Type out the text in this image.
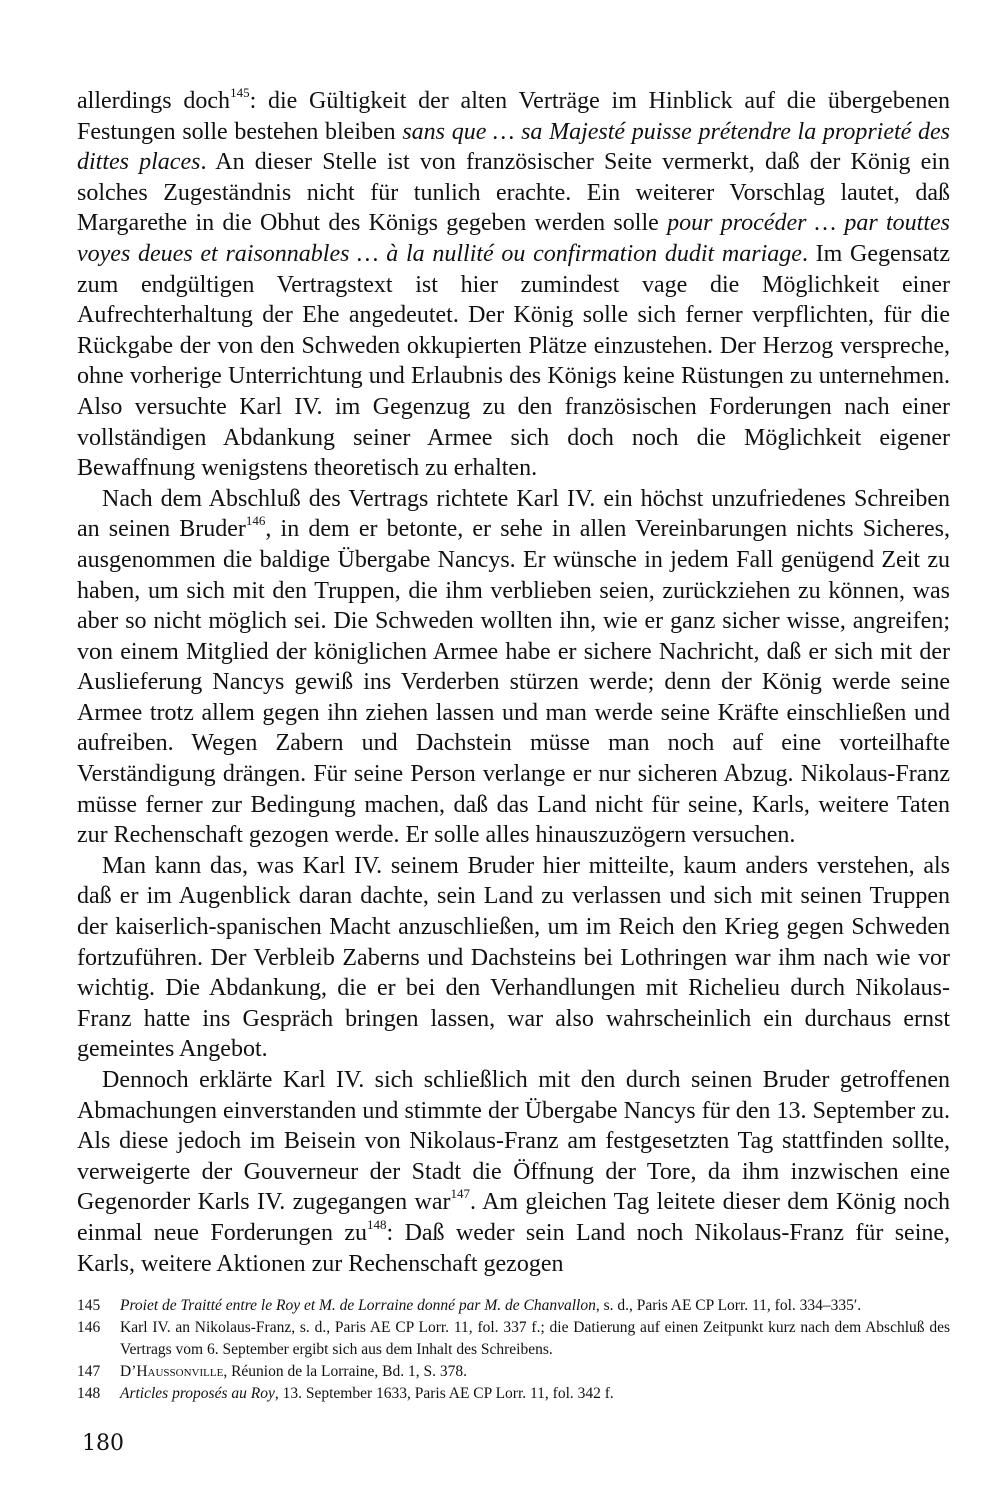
allerdings doch$^{145}$: die Gültigkeit der alten Verträge im Hinblick auf die übergebenen Festungen solle bestehen bleiben sans que … sa Majesté puisse prétendre la proprieté des dittes places. An dieser Stelle ist von französischer Seite vermerkt, daß der König ein solches Zugeständnis nicht für tunlich erachte. Ein weiterer Vorschlag lautet, daß Margarethe in die Obhut des Königs gegeben werden solle pour procéder … par touttes voyes deues et raisonnables … à la nullité ou confirmation dudit mariage. Im Gegensatz zum endgültigen Vertragstext ist hier zumindest vage die Möglichkeit einer Aufrechterhaltung der Ehe angedeutet. Der König solle sich ferner verpflichten, für die Rückgabe der von den Schweden okkupierten Plätze einzustehen. Der Herzog verspreche, ohne vorherige Unterrichtung und Erlaubnis des Königs keine Rüstungen zu unternehmen. Also versuchte Karl IV. im Gegenzug zu den französischen Forderungen nach einer vollständigen Abdankung seiner Armee sich doch noch die Möglichkeit eigener Bewaffnung wenigstens theoretisch zu erhalten.

Nach dem Abschluß des Vertrags richtete Karl IV. ein höchst unzufriedenes Schreiben an seinen Bruder$^{146}$, in dem er betonte, er sehe in allen Vereinbarungen nichts Sicheres, ausgenommen die baldige Übergabe Nancys. Er wünsche in jedem Fall genügend Zeit zu haben, um sich mit den Truppen, die ihm verblieben seien, zurückziehen zu können, was aber so nicht möglich sei. Die Schweden wollten ihn, wie er ganz sicher wisse, angreifen; von einem Mitglied der königlichen Armee habe er sichere Nachricht, daß er sich mit der Auslieferung Nancys gewiß ins Verderben stürzen werde; denn der König werde seine Armee trotz allem gegen ihn ziehen lassen und man werde seine Kräfte einschließen und aufreiben. Wegen Zabern und Dachstein müsse man noch auf eine vorteilhafte Verständigung drängen. Für seine Person verlange er nur sicheren Abzug. Nikolaus-Franz müsse ferner zur Bedingung machen, daß das Land nicht für seine, Karls, weitere Taten zur Rechenschaft gezogen werde. Er solle alles hinauszuzögern versuchen.

Man kann das, was Karl IV. seinem Bruder hier mitteilte, kaum anders verstehen, als daß er im Augenblick daran dachte, sein Land zu verlassen und sich mit seinen Truppen der kaiserlich-spanischen Macht anzuschließen, um im Reich den Krieg gegen Schweden fortzuführen. Der Verbleib Zaberns und Dachsteins bei Lothringen war ihm nach wie vor wichtig. Die Abdankung, die er bei den Verhandlungen mit Richelieu durch Nikolaus-Franz hatte ins Gespräch bringen lassen, war also wahrscheinlich ein durchaus ernst gemeintes Angebot.

Dennoch erklärte Karl IV. sich schließlich mit den durch seinen Bruder getroffenen Abmachungen einverstanden und stimmte der Übergabe Nancys für den 13. September zu. Als diese jedoch im Beisein von Nikolaus-Franz am festgesetzten Tag stattfinden sollte, verweigerte der Gouverneur der Stadt die Öffnung der Tore, da ihm inzwischen eine Gegenorder Karls IV. zugegangen war$^{147}$. Am gleichen Tag leitete dieser dem König noch einmal neue Forderungen zu$^{148}$: Daß weder sein Land noch Nikolaus-Franz für seine, Karls, weitere Aktionen zur Rechenschaft gezogen

145	Proiet de Traitté entre le Roy et M. de Lorraine donné par M. de Chanvallon, s. d., Paris AE CP Lorr. 11, fol. 334–335′.
146	Karl IV. an Nikolaus-Franz, s. d., Paris AE CP Lorr. 11, fol. 337 f.; die Datierung auf einen Zeitpunkt kurz nach dem Abschluß des Vertrags vom 6. September ergibt sich aus dem Inhalt des Schreibens.
147	D’Haussonville, Réunion de la Lorraine, Bd. 1, S. 378.
148	Articles proposés au Roy, 13. September 1633, Paris AE CP Lorr. 11, fol. 342 f.
180
